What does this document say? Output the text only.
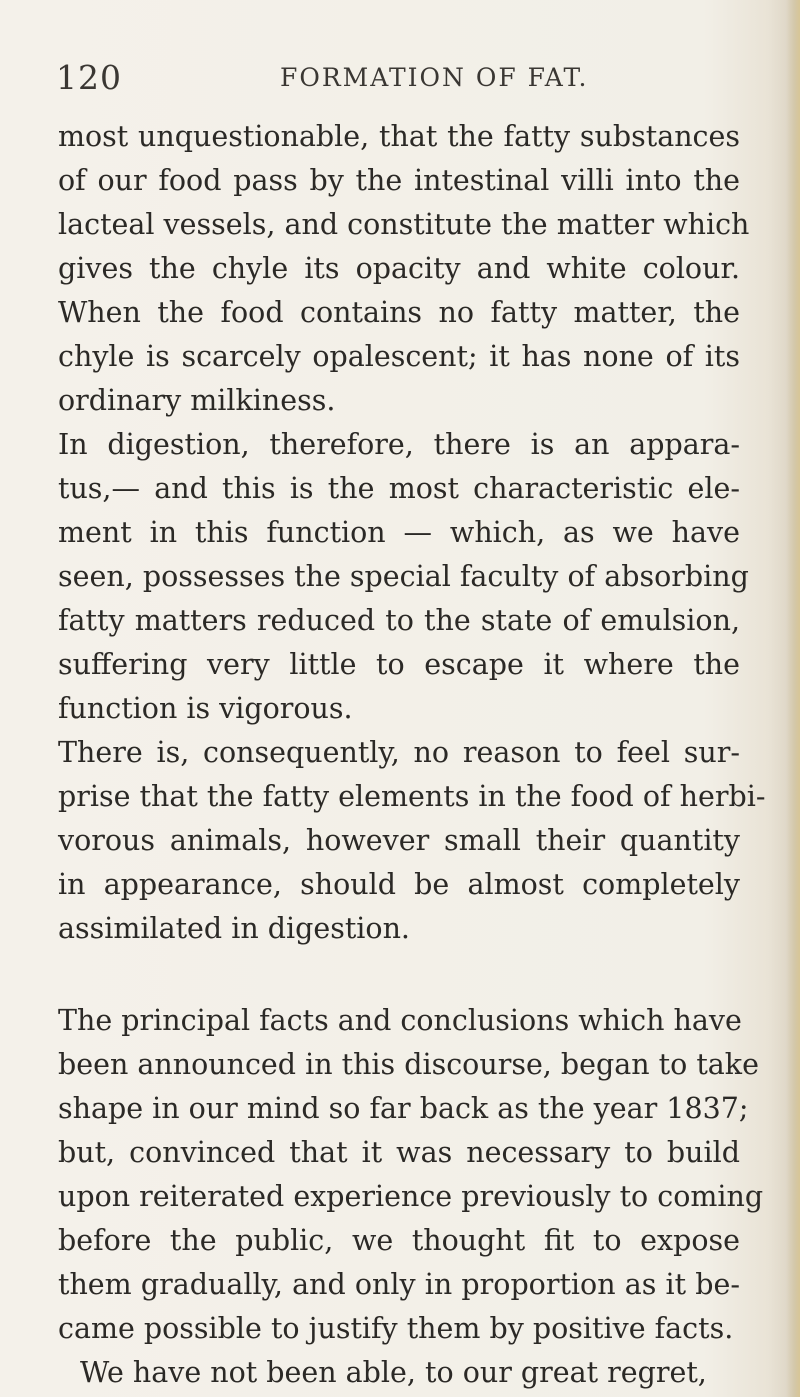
120	FORMATION OF FAT.
most unquestionable, that the fatty substances
of our food pass by the intestinal villi into the
lacteal vessels, and constitute the matter which
gives the chyle its opacity and white colour.
When the food contains no fatty matter, the
chyle is scarcely opalescent; it has none of its
ordinary milkiness.
In digestion, therefore, there is an appara-
tus,— and this is the most characteristic ele-
ment in this function — which, as we have
seen, possesses the special faculty of absorbing
fatty matters reduced to the state of emulsion,
suffering very little to escape it where the
function is vigorous.
There is, consequently, no reason to feel sur-
prise that the fatty elements in the food of herbi-
vorous animals, however small their quantity
in appearance, should be almost completely
assimilated in digestion.
The principal facts and conclusions which have
been announced in this discourse, began to take
shape in our mind so far back as the year 1837;
but, convinced that it was necessary to build
upon reiterated experience previously to coming
before the public, we thought fit to expose
them gradually, and only in proportion as it be-
came possible to justify them by positive facts.
We have not been able, to our great regret,
